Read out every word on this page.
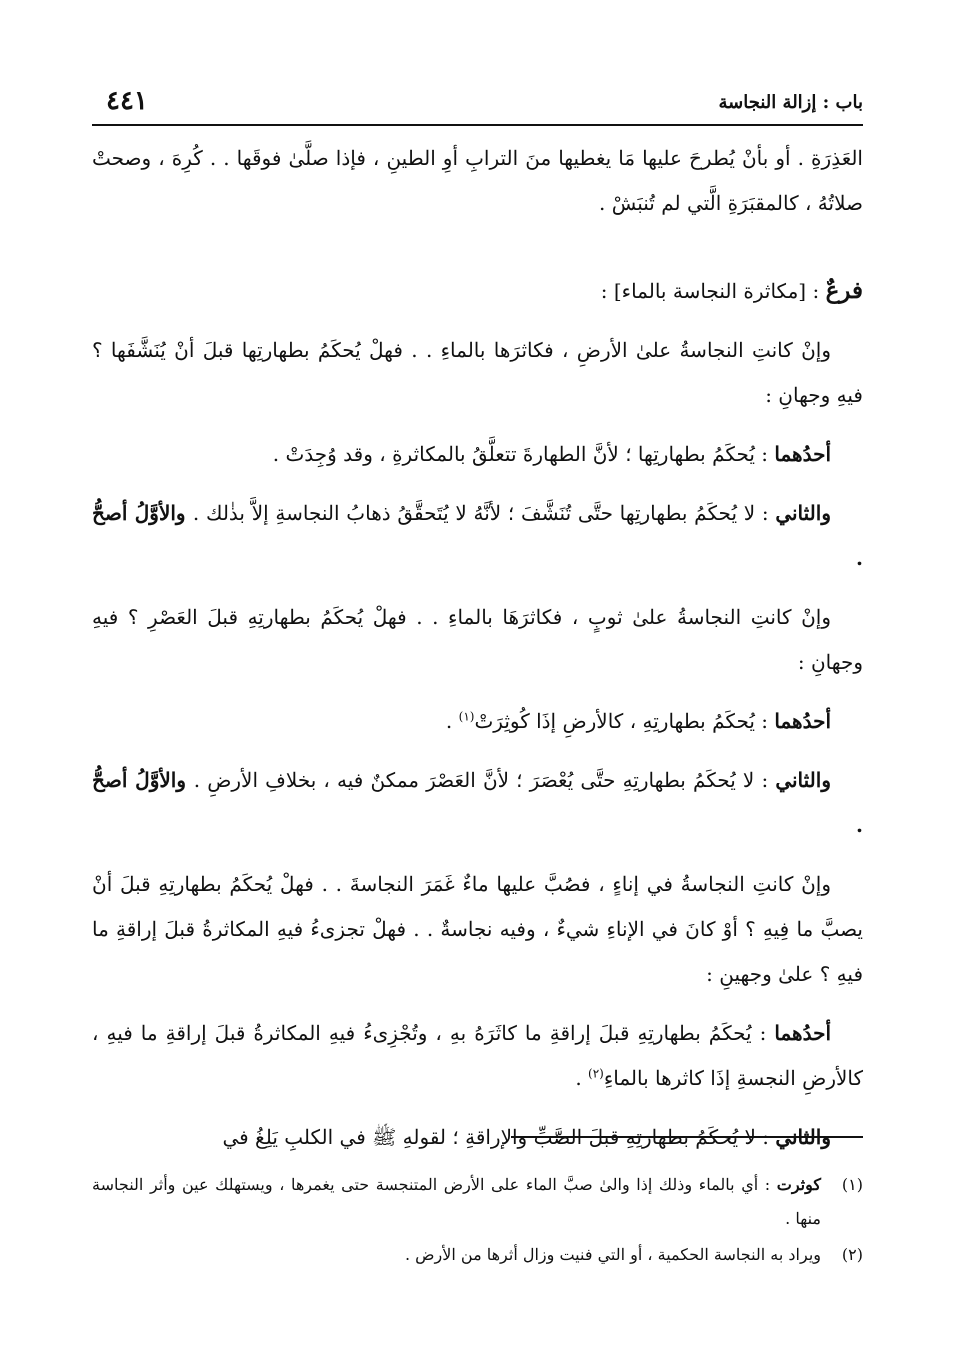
باب : إزالة النجاسة
٤٤١

العَذِرَةِ . أو بأنْ يُطرحَ عليها مَا يغطيها منَ الترابِ أوِ الطينِ ، فإذا صلَّىٰ فوقَها . . كُرِهَ ، وصحتْ صلاتُهُ ، كالمقبَرَةِ الَّتي لم تُنبَشْ .

فرعٌ : [مكاثرة النجاسة بالماء] :

وإنْ كانتِ النجاسةُ علىٰ الأرضِ ، فكاثرَها بالماءِ . . فهلْ يُحكَمُ بطهارتِها قبلَ أنْ يُنَشَّفَها ؟ فيهِ وجهانِ :

أحدُهما : يُحكَمُ بطهارتِها ؛ لأنَّ الطهارةَ تتعلَّقُ بالمكاثرةِ ، وقد وُجِدَتْ .

والثاني : لا يُحكَمُ بطهارتِها حتَّى تُنَشَّفَ ؛ لأنَّهُ لا يُتَحقَّقُ ذهابُ النجاسةِ إلاَّ بذٰلك . والأوَّلُ أصحُّ .

وإنْ كانتِ النجاسةُ علىٰ ثوبٍ ، فكاثرَهَا بالماءِ . . فهلْ يُحكَمُ بطهارتِهِ قبلَ العَصْرِ ؟ فيهِ وجهانِ :

أحدُهما : يُحكَمُ بطهارتِهِ ، كالأرضِ إذَا كُوثِرَتْ$^{(١)}$ .

والثاني : لا يُحكَمُ بطهارتِهِ حتَّى يُعْصَرَ ؛ لأنَّ العَصْرَ ممكنٌ فيه ، بخلافِ الأرضِ . والأوَّلُ أصحُّ .

وإنْ كانتِ النجاسةُ في إناءٍ ، فصُبَّ عليها ماءٌ غَمَرَ النجاسةَ . . فهلْ يُحكَمُ بطهارتِهِ قبلَ أنْ يصبَّ ما فِيهِ ؟ أوْ كانَ في الإناءِ شيءٌ ، وفيه نجاسةٌ . . فهلْ تجزىءُ فيهِ المكاثرةُ قبلَ إراقةِ ما فيهِ ؟ علىٰ وجهينِ :

أحدُهما : يُحكَمُ بطهارتِهِ قبلَ إراقةِ ما كاثَرَهُ بهِ ، وتُجْزِىءُ فيهِ المكاثرةُ قبلَ إراقةِ ما فيهِ ، كالأرضِ النجسةِ إذَا كاثرها بالماءِ$^{(٢)}$ .

والثاني : لا يُحكَمُ بطهارتِهِ قبلَ الصَّبِّ والإراقةِ ؛ لقولهِ ﷺ في الكلبِ يَلِغُ في

(١)
كوثرت : أي بالماء وذلك إذا والىٰ صبَّ الماء على الأرض المتنجسة حتى يغمرها ، ويستهلك عين وأثر النجاسة منها .

(٢)
ويراد به النجاسة الحكمية ، أو التي فنيت وزال أثرها من الأرض .
